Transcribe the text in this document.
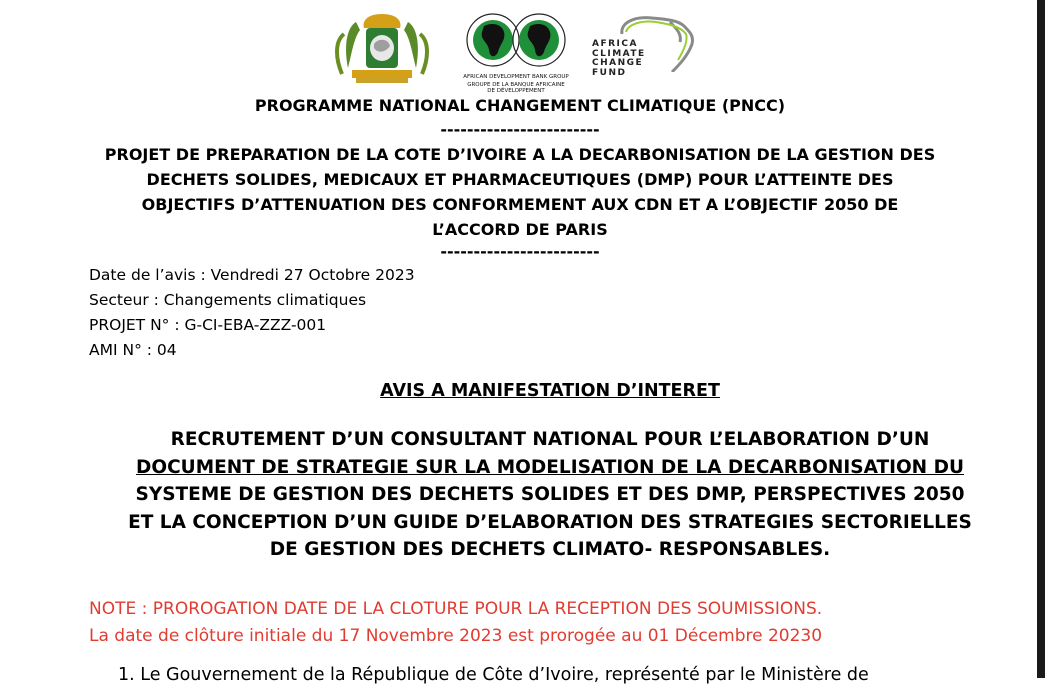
AFRICAN DEVELOPMENT BANK GROUP
GROUPE DE LA BANQUE AFRICAINE
DE DÉVELOPPEMENT
AFRICA
CLIMATE
CHANGE
FUND
PROGRAMME NATIONAL CHANGEMENT CLIMATIQUE (PNCC)
------------------------
PROJET DE PREPARATION DE LA COTE D’IVOIRE A LA DECARBONISATION DE LA GESTION DES
DECHETS SOLIDES, MEDICAUX ET PHARMACEUTIQUES (DMP) POUR L’ATTEINTE DES
OBJECTIFS D’ATTENUATION DES CONFORMEMENT AUX CDN ET A L’OBJECTIF 2050 DE
L’ACCORD DE PARIS
------------------------
Date de l’avis : Vendredi 27 Octobre 2023
Secteur : Changements climatiques
PROJET N° : G-CI-EBA-ZZZ-001
AMI N° : 04
AVIS A MANIFESTATION D’INTERET
RECRUTEMENT D’UN CONSULTANT NATIONAL POUR L’ELABORATION D’UN
DOCUMENT DE STRATEGIE SUR LA MODELISATION DE LA DECARBONISATION DU
SYSTEME DE GESTION DES DECHETS SOLIDES ET DES DMP, PERSPECTIVES 2050
ET LA CONCEPTION D’UN GUIDE D’ELABORATION DES STRATEGIES SECTORIELLES
DE GESTION DES DECHETS CLIMATO- RESPONSABLES.
NOTE : PROROGATION DATE DE LA CLOTURE POUR LA RECEPTION DES SOUMISSIONS.
La date de clôture initiale du 17 Novembre 2023 est prorogée au 01 Décembre 20230
1. Le Gouvernement de la République de Côte d’Ivoire, représenté par le Ministère de
